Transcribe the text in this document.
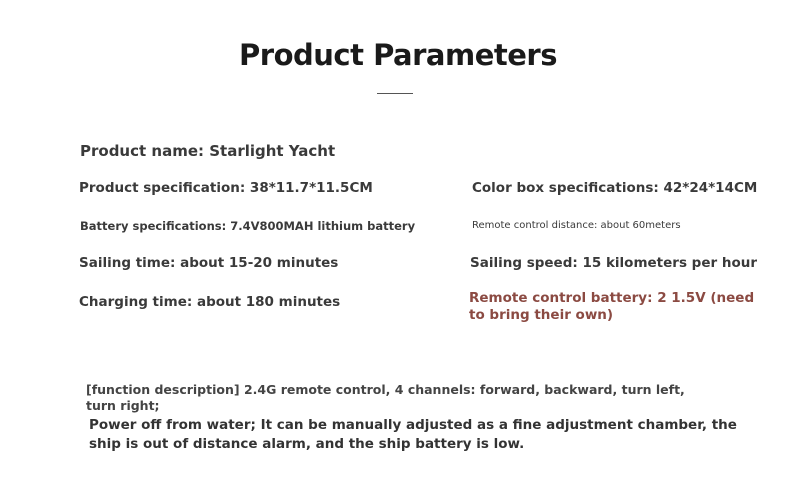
Product Parameters
Product name: Starlight Yacht
Product specification: 38*11.7*11.5CM	Color box specifications: 42*24*14CM
Battery specifications: 7.4V800MAH lithium battery	Remote control distance: about 60meters
Sailing time: about 15-20 minutes	Sailing speed: 15 kilometers per hour
Charging time: about 180 minutes	Remote control battery: 2 1.5V (need to bring their own)
[function description] 2.4G remote control, 4 channels: forward, backward, turn left, turn right;
Power off from water; It can be manually adjusted as a fine adjustment chamber, the ship is out of distance alarm, and the ship battery is low.
